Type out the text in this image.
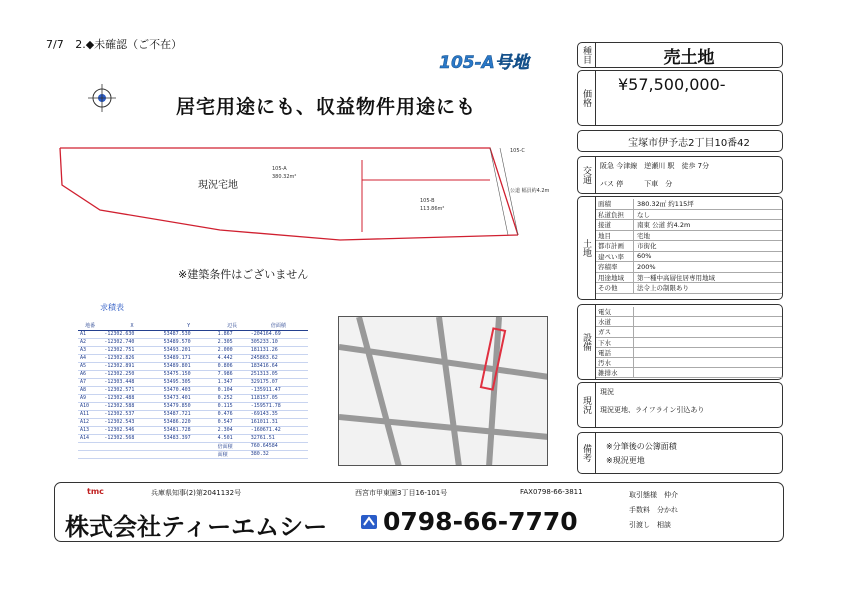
7/7 2.◆未確認（ご不在）
105-A号地
居宅用途にも、収益物件用途にも
現況宅地
105-A
380.32m²
105-B
113.86m²
105-C
公道 幅員約4.2m
※建築条件はございません
求積表
地番	X	Y	辺長	倍面積
A1	-12302.630	53487.530	1.867	-204164.69
A2	-12302.740	53489.570	2.305	305233.10
A3	-12302.751	53493.201	2.000	181131.26
A4	-12302.826	53489.171	4.442	245863.62
A5	-12302.891	53489.801	0.806	183416.64
A6	-12302.250	53475.150	7.986	251313.05
A7	-12303.448	53495.305	1.347	329175.07
A8	-12302.571	53470.403	0.104	-135911.47
A9	-12302.488	53473.401	0.252	118157.05
A10	-12302.588	53479.850	0.115	-159571.78
A11	-12302.537	53487.721	0.476	-69143.35
A12	-12302.543	53486.220	0.547	161011.31
A13	-12302.546	53481.728	2.304	-160671.42
A14	-12302.568	53483.397	4.501	32761.51
			倍面積	760.64584
			面積	380.32
種目	売土地
価格
¥57,500,000-
宝塚市伊予志2丁目10番42
交通	阪急 今津線　逆瀬川 駅　徒歩 7分
バス 停　　　下車　分
土地
面積	380.32㎡ 約115坪
私道負担	なし
接道	南東 公道 約4.2m
地目	宅地
都市計画	市街化
建ぺい率	60%
容積率	200%
用途地域	第一種中高層住居専用地域
その他	法令上の制限あり
設備
電気
水道
ガス
下水
電話
汚水
雑排水
現況
現況
現況更地、ライフライン引込あり
備考	※分筆後の公簿面積
※現況更地
tmc	兵庫県知事(2)第2041132号	西宮市甲東園3丁目16-101号	FAX0798-66-3811
株式会社ティーエムシー 0798-66-7770
取引態様　仲介
手数料　分かれ
引渡し　相談
